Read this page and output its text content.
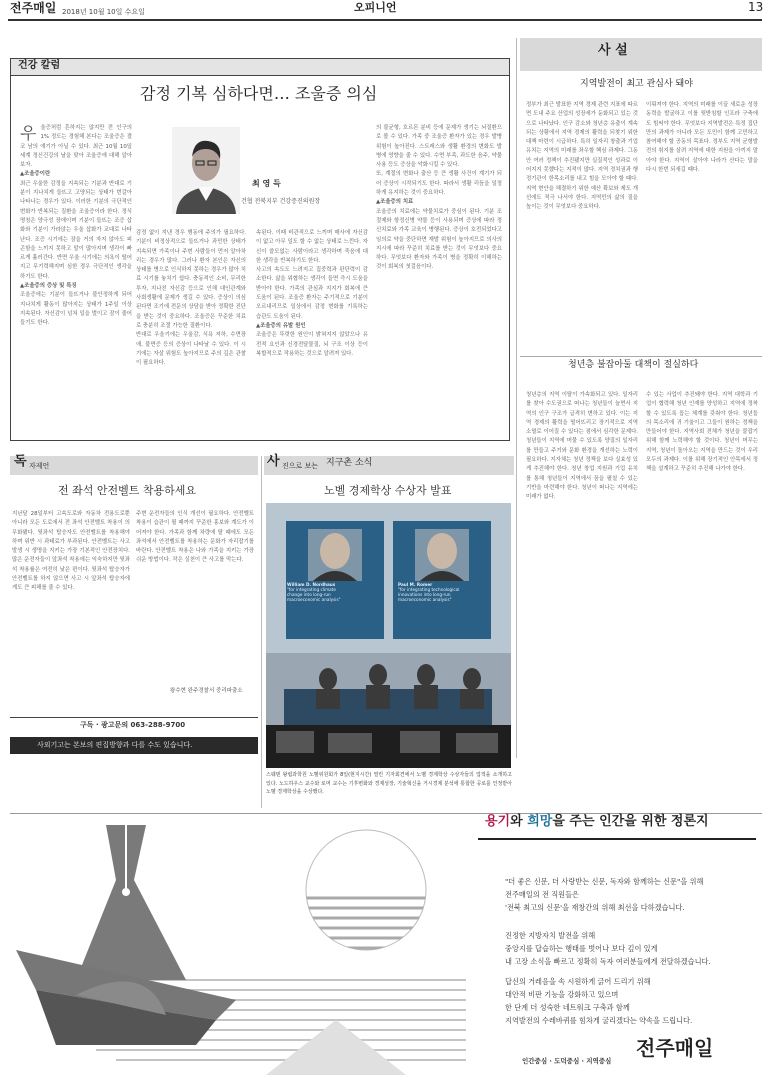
전주매일 2018년 10월 10일 수요일	오피니언	13
건강 칼럼
감정 기복 심하다면… 조울증 의심

우울증처럼 흔하지는 않지만 전 인구의 1% 정도는 경험해 본다는 조울증은 결코 남의 얘기가 아닐 수 있다. 최근 10월 10일 세계 정신건강의 날을 맞아 조울증에 대해 알아보자.

▲조울증이란

최근 우울한 감정을 지속되는 기분과 반대로 기분이 지나치게 들뜨고 고양되는 상태가 번갈아 나타나는 경우가 있다. 이러한 기분의 극단적인 변화가 반복되는 질환을 조울증이라 한다. 정식 명칭은 양극성 장애이며 기분이 들뜨는 조증 삽화와 기분이 가라앉는 우울 삽화가 교대로 나타난다. 조증 시기에는 잠을 거의 자지 않아도 피곤함을 느끼지 못하고 말이 많아지며 생각이 빠르게 흘러간다. 반면 우울 시기에는 의욕이 떨어지고 무기력해지며 심한 경우 극단적인 생각을 하기도 한다.

▲조울증의 증상 및 특징

조울증에는 기분이 들뜨거나 불안정하게 되어 지나치게 활동이 많아지는 상태가 1주일 이상 지속된다. 자신감이 넘쳐 일을 벌이고 잠이 줄어들기도 한다.

최 영 득
건협 전북지부 건강증진의원장

감정 없이 지낸 경우 행동에 주의가 필요하다. 기분이 비정상적으로 들뜨거나 과민한 상태가 지속되면 가족이나 주변 사람들이 먼저 알아차리는 경우가 많다. 그러나 환자 본인은 자신의 상태를 병으로 인식하지 못하는 경우가 많아 치료 시기를 놓치기 쉽다. 충동적인 소비, 무리한 투자, 지나친 자신감 등으로 인해 대인관계와 사회생활에 문제가 생길 수 있다. 증상이 의심된다면 조기에 전문의 상담을 받아 정확한 진단을 받는 것이 중요하다. 조울증은 꾸준한 치료로 충분히 조절 가능한 질환이다.

반대로 우울기에는 우울감, 식욕 저하, 수면장애, 불면증 등의 증상이 나타날 수 있다. 이 시기에는 자살 위험도 높아지므로 주의 깊은 관찰이 필요하다.

속된다. 이때 비관적으로 느끼며 매사에 자신감이 없고 아무 일도 할 수 없는 상태로 느낀다. 자신이 쓸모없는 사람이라고 생각하며 죽음에 대한 생각을 반복하기도 한다.

사고의 속도도 느려지고 집중력과 판단력이 감소한다. 삶을 위협하는 생각이 들면 즉시 도움을 받아야 한다. 가족의 관심과 지지가 회복에 큰 도움이 된다. 조울증 환자는 주기적으로 기분이 오르내리므로 일상에서 감정 변화를 기록하는 습관도 도움이 된다.

▲조울증의 유발 원인

조울증은 뚜렷한 원인이 밝혀지지 않았으나 유전적 요인과 신경전달물질, 뇌 구조 이상 등이 복합적으로 작용하는 것으로 알려져 있다.

의 불균형, 호르몬 분비 등에 문제가 생기는 뇌질환으로 볼 수 있다. 가족 중 조울증 환자가 있는 경우 발병 위험이 높아진다. 스트레스와 생활 환경의 변화도 발병에 영향을 줄 수 있다. 수면 부족, 과도한 음주, 약물 사용 등도 증상을 악화시킬 수 있다.

또, 계절의 변화나 출산 등 큰 생활 사건이 계기가 되어 증상이 시작되기도 한다. 따라서 생활 리듬을 일정하게 유지하는 것이 중요하다.

▲조울증의 치료

조울증의 치료에는 약물치료가 중심이 된다. 기분 조절제와 항정신병 약물 등이 사용되며 증상에 따라 정신치료와 가족 교육이 병행된다. 증상이 호전되었다고 임의로 약을 중단하면 재발 위험이 높아지므로 의사의 지시에 따라 꾸준히 치료를 받는 것이 무엇보다 중요하다. 무엇보다 환자와 가족이 병을 정확히 이해하는 것이 회복의 첫걸음이다.

사 설
지역발전이 최고 관심사 돼야

정부가 최근 발표한 지역 경제 관련 지표에 따르면 도내 주요 산업의 성장세가 둔화되고 있는 것으로 나타났다. 인구 감소와 청년층 유출이 계속되는 상황에서 지역 경제의 활력을 되찾기 위한 대책 마련이 시급하다. 특히 일자리 창출과 기업 유치는 지역의 미래를 좌우할 핵심 과제다. 그동안 여러 정책이 추진됐지만 실질적인 성과로 이어지지 못했다는 지적이 많다. 지역 정치권과 행정기관이 한목소리를 내고 힘을 모아야 할 때다. 지역 현안을 해결하기 위한 예산 확보와 제도 개선에도 적극 나서야 한다. 지역민의 삶의 질을 높이는 것이 무엇보다 중요하다.

이뤄져야 한다. 지역의 미래를 이끌 새로운 성장 동력을 발굴하고 이를 뒷받침할 인프라 구축에도 힘써야 한다. 무엇보다 지역발전은 특정 집단만의 과제가 아니라 모든 도민이 함께 고민하고 참여해야 할 공동의 목표다. 정부도 지역 균형발전의 취지를 살려 지역에 대한 지원을 아끼지 말아야 한다. 지역이 살아야 나라가 산다는 말을 다시 한번 되새길 때다.

청년층 불잡아둘 대책이 절실하다

청년층의 지역 이탈이 가속화되고 있다. 일자리를 찾아 수도권으로 떠나는 청년들이 늘면서 지역의 인구 구조가 급격히 변하고 있다. 이는 지역 경제의 활력을 떨어뜨리고 장기적으로 지역 소멸로 이어질 수 있다는 점에서 심각한 문제다. 청년들이 지역에 머물 수 있도록 양질의 일자리를 만들고 주거와 문화 환경을 개선하는 노력이 필요하다. 지자체는 청년 정책을 보다 실효성 있게 추진해야 한다. 청년 창업 지원과 기업 유치를 통해 청년들이 지역에서 꿈을 펼칠 수 있는 기반을 마련해야 한다. 청년이 떠나는 지역에는 미래가 없다.

수 있는 사업이 추진돼야 한다. 지역 대학과 기업이 협력해 청년 인재를 양성하고 지역에 정착할 수 있도록 돕는 체계를 갖춰야 한다. 청년들의 목소리에 귀 기울이고 그들이 원하는 정책을 만들어야 한다. 지역사회 전체가 청년을 붙잡기 위해 함께 노력해야 할 것이다. 청년이 머무는 지역, 청년이 돌아오는 지역을 만드는 것이 우리 모두의 과제다. 이를 위해 장기적인 안목에서 정책을 설계하고 꾸준히 추진해 나가야 한다.

독 자제언
전 좌석 안전벨트 착용하세요

지난달 28일부터 고속도로와 자동차 전용도로뿐 아니라 모든 도로에서 전 좌석 안전벨트 착용이 의무화됐다. 뒷좌석 탑승자도 안전벨트를 착용해야 하며 위반 시 과태료가 부과된다. 안전벨트는 사고 발생 시 생명을 지키는 가장 기본적인 안전장치다. 많은 운전자들이 앞좌석 착용에는 익숙하지만 뒷좌석 착용률은 여전히 낮은 편이다. 뒷좌석 탑승자가 안전벨트를 하지 않으면 사고 시 앞좌석 탑승자에게도 큰 피해를 줄 수 있다.

주변 운전자들의 인식 개선이 필요하다. 안전벨트 착용이 습관이 될 때까지 꾸준한 홍보와 계도가 이어져야 한다. 가족과 함께 차량에 탈 때에도 모든 좌석에서 안전벨트를 착용하는 문화가 자리잡기를 바란다. 안전벨트 착용은 나와 가족을 지키는 가장 쉬운 방법이다. 작은 실천이 큰 사고를 막는다.

왕수현 완주경찰서 중리파출소
구독 · 광고문의 063-288-9700
사외기고는 본보의 편집방향과 다를 수도 있습니다.
사 진으로 보는 지구촌 소식
노벨 경제학상 수상자 발표
William D. Nordhaus
"for integrating climate change into long-run macroeconomic analysis"
Paul M. Romer
"for integrating technological innovations into long-run macroeconomic analysis"

스웨덴 왕립과학원 노벨위원회가 8일(현지시간) 열린 기자회견에서 노벨 경제학상 수상자들의 업적을 소개하고 있다. 노드하우스 교수와 로머 교수는 기후변화와 경제성장, 기술혁신을 거시경제 분석에 통합한 공로를 인정받아 노벨 경제학상을 수상했다.

용기와 희망을 주는 인간을 위한 정론지
"더 좋은 신문, 더 사랑받는 신문, 독자와 함께하는 신문"을 위해
전주매일의 전 직원들은
'전북 최고의 신문'을 재창간의 위해 최선을 다하겠습니다.
진정한 지방자치 발전을 위해
중앙지를 답습하는 행태를 벗어나 보다 깊이 있게
내 고장 소식을 빠르고 정확히 독자 여러분들에게 전달하겠습니다.
답신의 거레음을 속 시원하게 긁어 드리기 위해
대안적 비판 기능을 강화하고 있으며
한 단계 더 성숙한 네트워크 구축과 함께
지역발전의 수레바퀴를 힘차게 굴리겠다는 약속을 드립니다.
인간중심 · 도덕중심 · 지역중심
전주매일
